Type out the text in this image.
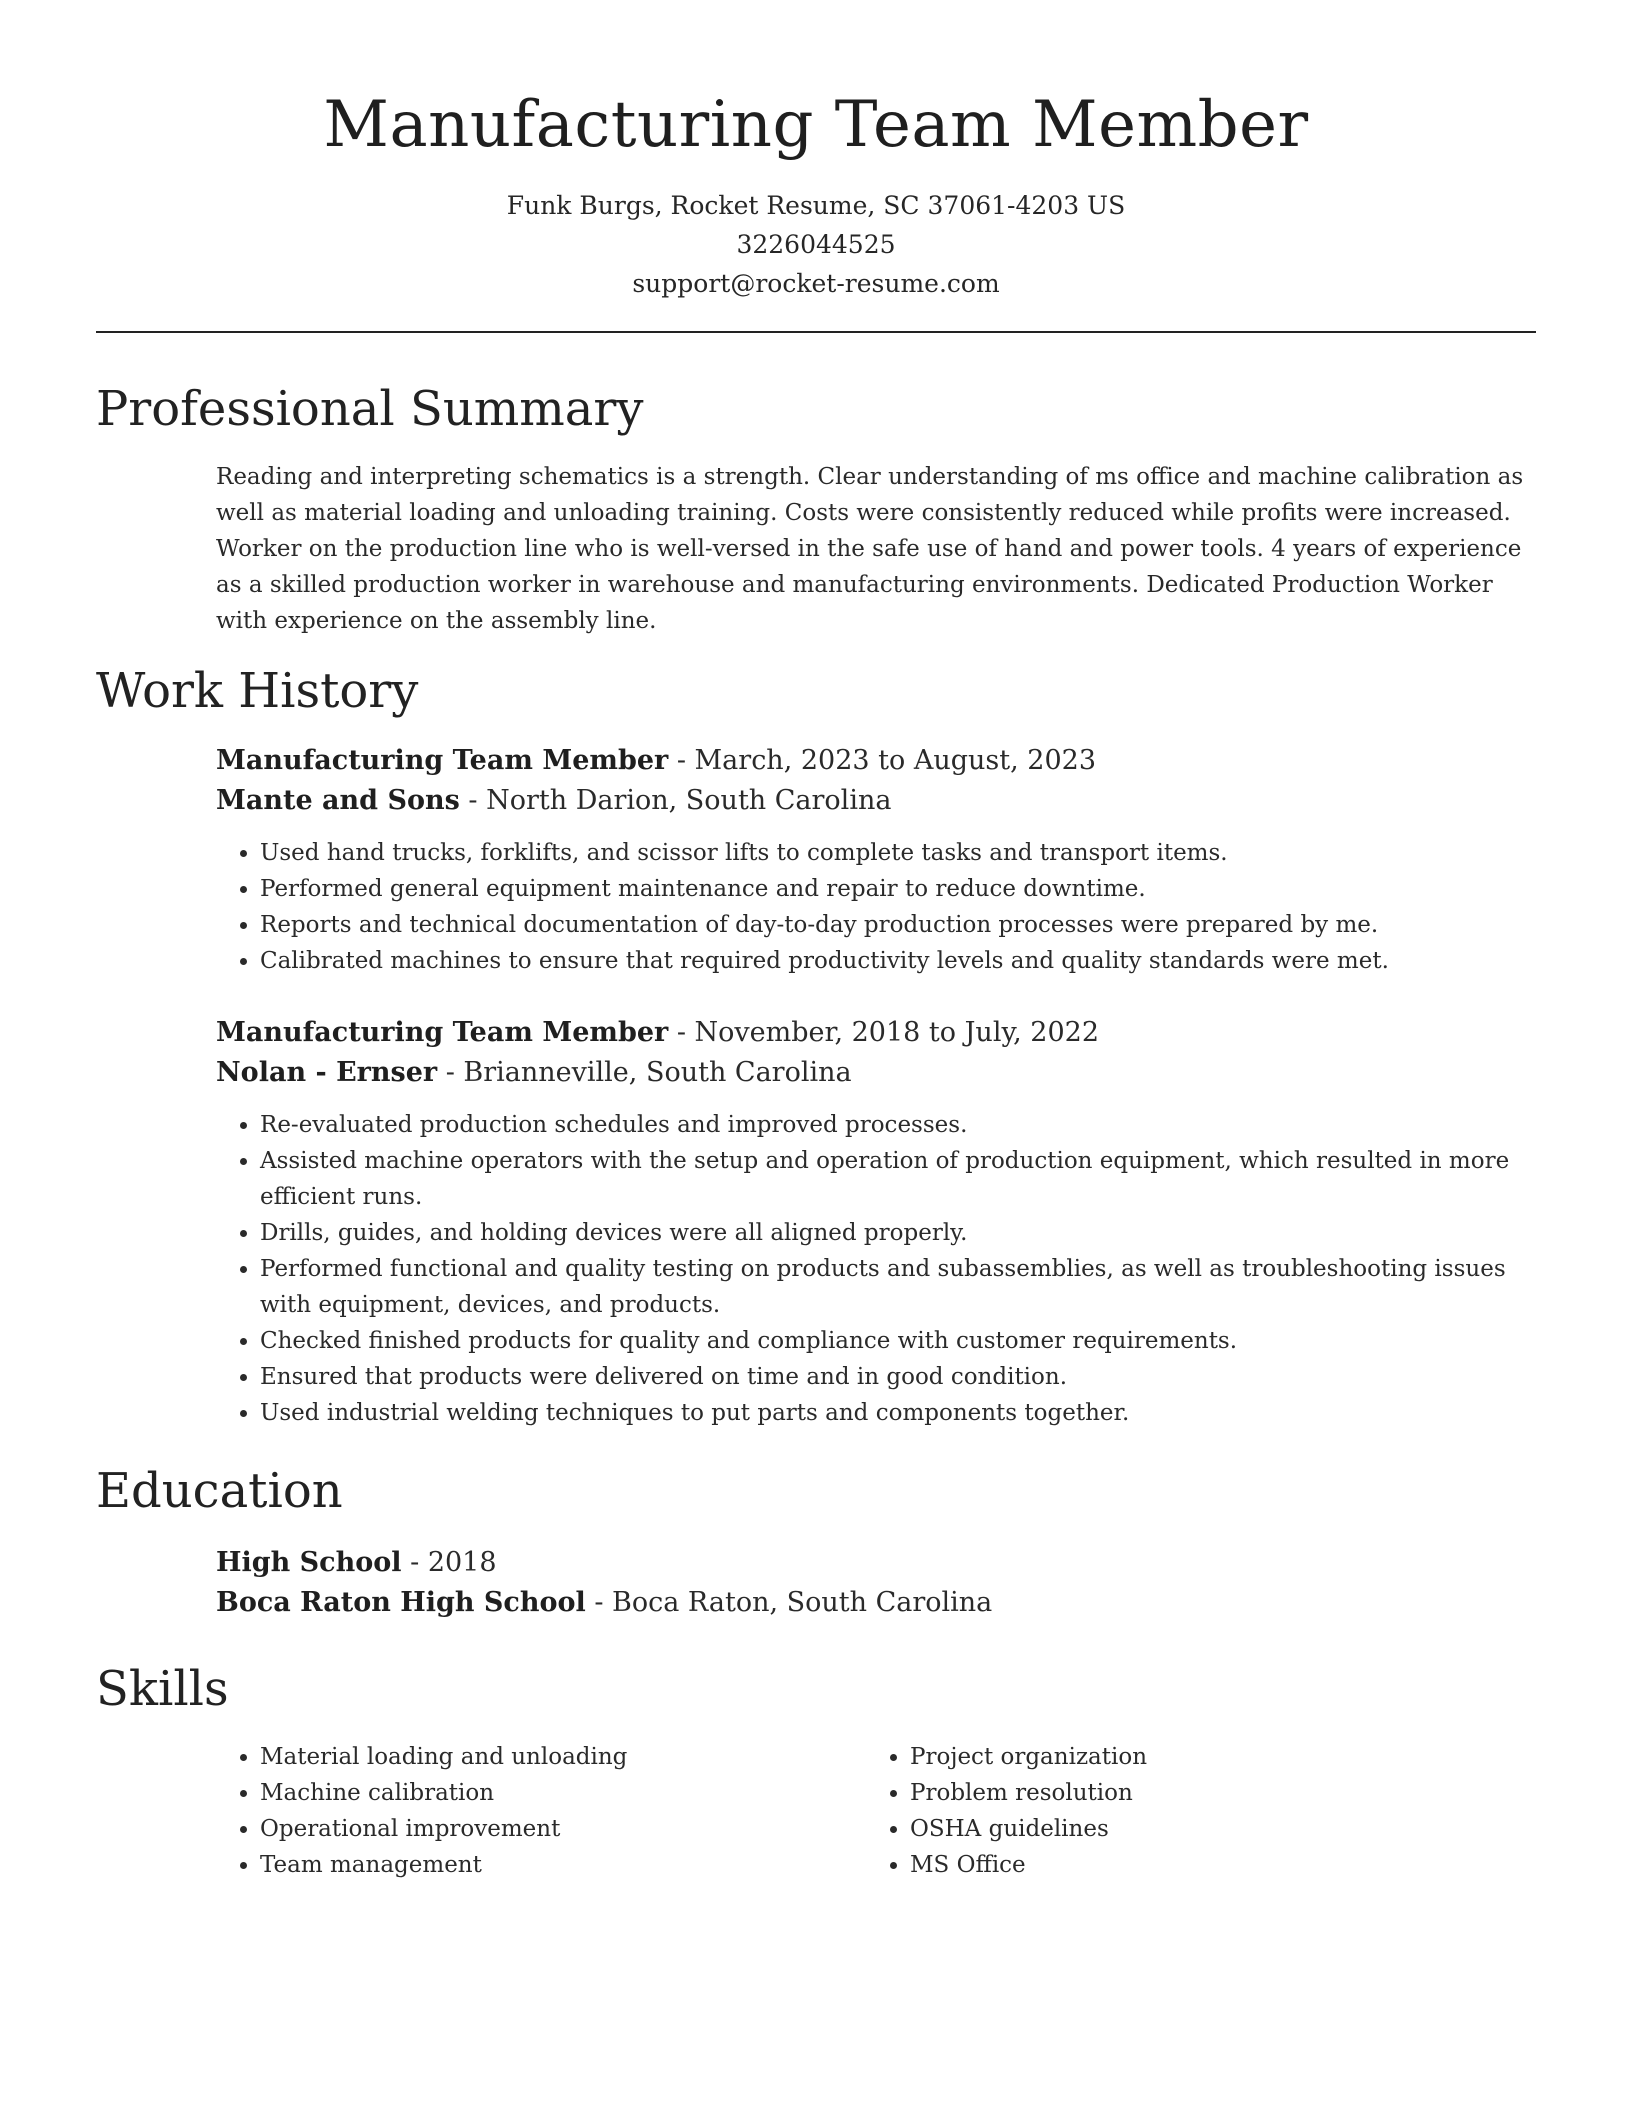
Manufacturing Team Member
Funk Burgs, Rocket Resume, SC 37061-4203 US
3226044525
support@rocket-resume.com
Professional Summary
Reading and interpreting schematics is a strength. Clear understanding of ms office and machine calibration as well as material loading and unloading training. Costs were consistently reduced while profits were increased. Worker on the production line who is well-versed in the safe use of hand and power tools. 4 years of experience as a skilled production worker in warehouse and manufacturing environments. Dedicated Production Worker with experience on the assembly line.
Work History
Manufacturing Team Member - March, 2023 to August, 2023
Mante and Sons - North Darion, South Carolina
• Used hand trucks, forklifts, and scissor lifts to complete tasks and transport items.
• Performed general equipment maintenance and repair to reduce downtime.
• Reports and technical documentation of day-to-day production processes were prepared by me.
• Calibrated machines to ensure that required productivity levels and quality standards were met.
Manufacturing Team Member - November, 2018 to July, 2022
Nolan - Ernser - Brianneville, South Carolina
• Re-evaluated production schedules and improved processes.
• Assisted machine operators with the setup and operation of production equipment, which resulted in more efficient runs.
• Drills, guides, and holding devices were all aligned properly.
• Performed functional and quality testing on products and subassemblies, as well as troubleshooting issues with equipment, devices, and products.
• Checked finished products for quality and compliance with customer requirements.
• Ensured that products were delivered on time and in good condition.
• Used industrial welding techniques to put parts and components together.
Education
High School - 2018
Boca Raton High School - Boca Raton, South Carolina
Skills
• Material loading and unloading
• Machine calibration
• Operational improvement
• Team management
• Project organization
• Problem resolution
• OSHA guidelines
• MS Office
